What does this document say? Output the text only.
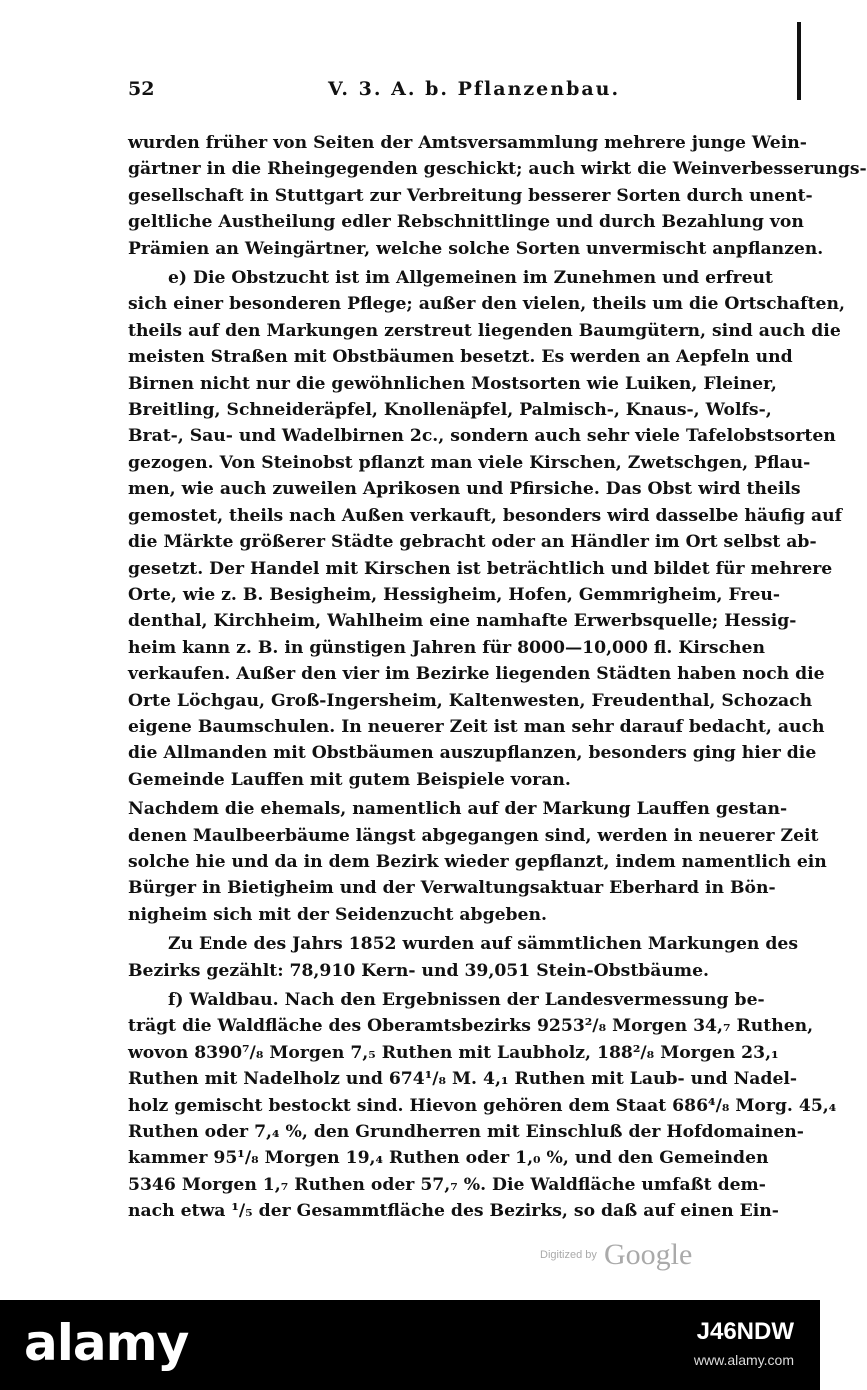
52	V. 3. A. b. Pflanzenbau.
wurden früher von Seiten der Amtsversammlung mehrere junge Wein-
gärtner in die Rheingegenden geschickt; auch wirkt die Weinverbesserungs-
gesellschaft in Stuttgart zur Verbreitung besserer Sorten durch unent-
geltliche Austheilung edler Rebschnittlinge und durch Bezahlung von
Prämien an Weingärtner, welche solche Sorten unvermischt anpflanzen.
e) Die Obstzucht ist im Allgemeinen im Zunehmen und erfreut
sich einer besonderen Pflege; außer den vielen, theils um die Ortschaften,
theils auf den Markungen zerstreut liegenden Baumgütern, sind auch die
meisten Straßen mit Obstbäumen besetzt. Es werden an Aepfeln und
Birnen nicht nur die gewöhnlichen Mostsorten wie Luiken, Fleiner,
Breitling, Schneideräpfel, Knollenäpfel, Palmisch-, Knaus-, Wolfs-,
Brat-, Sau- und Wadelbirnen 2c., sondern auch sehr viele Tafelobstsorten
gezogen. Von Steinobst pflanzt man viele Kirschen, Zwetschgen, Pflau-
men, wie auch zuweilen Aprikosen und Pfirsiche. Das Obst wird theils
gemostet, theils nach Außen verkauft, besonders wird dasselbe häufig auf
die Märkte größerer Städte gebracht oder an Händler im Ort selbst ab-
gesetzt. Der Handel mit Kirschen ist beträchtlich und bildet für mehrere
Orte, wie z. B. Besigheim, Hessigheim, Hofen, Gemmrigheim, Freu-
denthal, Kirchheim, Wahlheim eine namhafte Erwerbsquelle; Hessig-
heim kann z. B. in günstigen Jahren für 8000—10,000 fl. Kirschen
verkaufen. Außer den vier im Bezirke liegenden Städten haben noch die
Orte Löchgau, Groß-Ingersheim, Kaltenwesten, Freudenthal, Schozach
eigene Baumschulen. In neuerer Zeit ist man sehr darauf bedacht, auch
die Allmanden mit Obstbäumen auszupflanzen, besonders ging hier die
Gemeinde Lauffen mit gutem Beispiele voran.
Nachdem die ehemals, namentlich auf der Markung Lauffen gestan-
denen Maulbeerbäume längst abgegangen sind, werden in neuerer Zeit
solche hie und da in dem Bezirk wieder gepflanzt, indem namentlich ein
Bürger in Bietigheim und der Verwaltungsaktuar Eberhard in Bön-
nigheim sich mit der Seidenzucht abgeben.
Zu Ende des Jahrs 1852 wurden auf sämmtlichen Markungen des
Bezirks gezählt: 78,910 Kern- und 39,051 Stein-Obstbäume.
f) Waldbau. Nach den Ergebnissen der Landesvermessung be-
trägt die Waldfläche des Oberamtsbezirks 9253²/₈ Morgen 34,₇ Ruthen,
wovon 8390⁷/₈ Morgen 7,₅ Ruthen mit Laubholz, 188²/₈ Morgen 23,₁
Ruthen mit Nadelholz und 674¹/₈ M. 4,₁ Ruthen mit Laub- und Nadel-
holz gemischt bestockt sind. Hievon gehören dem Staat 686⁴/₈ Morg. 45,₄
Ruthen oder 7,₄ %, den Grundherren mit Einschluß der Hofdomainen-
kammer 95¹/₈ Morgen 19,₄ Ruthen oder 1,₀ %, und den Gemeinden
5346 Morgen 1,₇ Ruthen oder 57,₇ %. Die Waldfläche umfaßt dem-
nach etwa ¹/₅ der Gesammtfläche des Bezirks, so daß auf einen Ein-
Digitized by Google
alamy	J46NDW
www.alamy.com
